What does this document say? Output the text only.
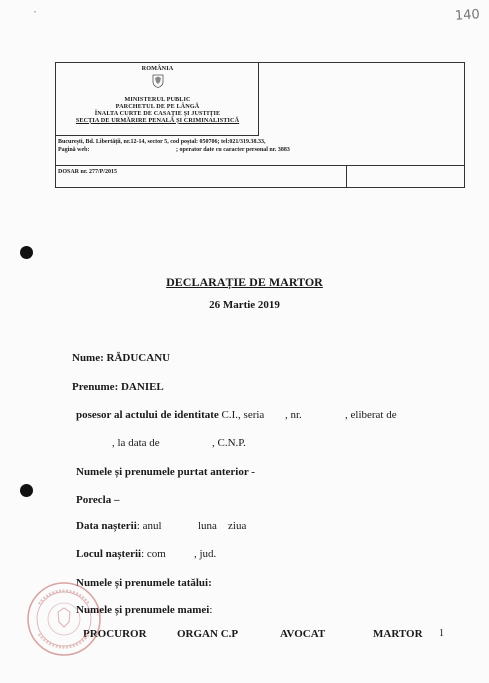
140
•
ROMÂNIA
MINISTERUL PUBLIC
PARCHETUL DE PE LÂNGĂ
ÎNALTA CURTE DE CASAȚIE ȘI JUSTIȚIE
SECȚIA DE URMĂRIRE PENALĂ ȘI CRIMINALISTICĂ
București, Bd. Libertății, nr.12-14, sector 5, cod poștal: 050706; tel:021/319.38.33,
Pagină web:	; operator date cu caracter personal nr. 3883
DOSAR nr. 277/P/2015
DECLARAȚIE DE MARTOR
26 Martie 2019
Nume: RĂDUCANU
Prenume: DANIEL
posesor al actului de identitate C.I., seria , nr.	, eliberat de
, la data de	, C.N.P.
Numele și prenumele purtat anterior -
Porecla –
Data nașterii: anul	luna ziua
Locul nașterii: com	, jud.
Numele și prenumele tatălui:
Numele și prenumele mamei:
PROCUROR	ORGAN C.P	AVOCAT	MARTOR 1
